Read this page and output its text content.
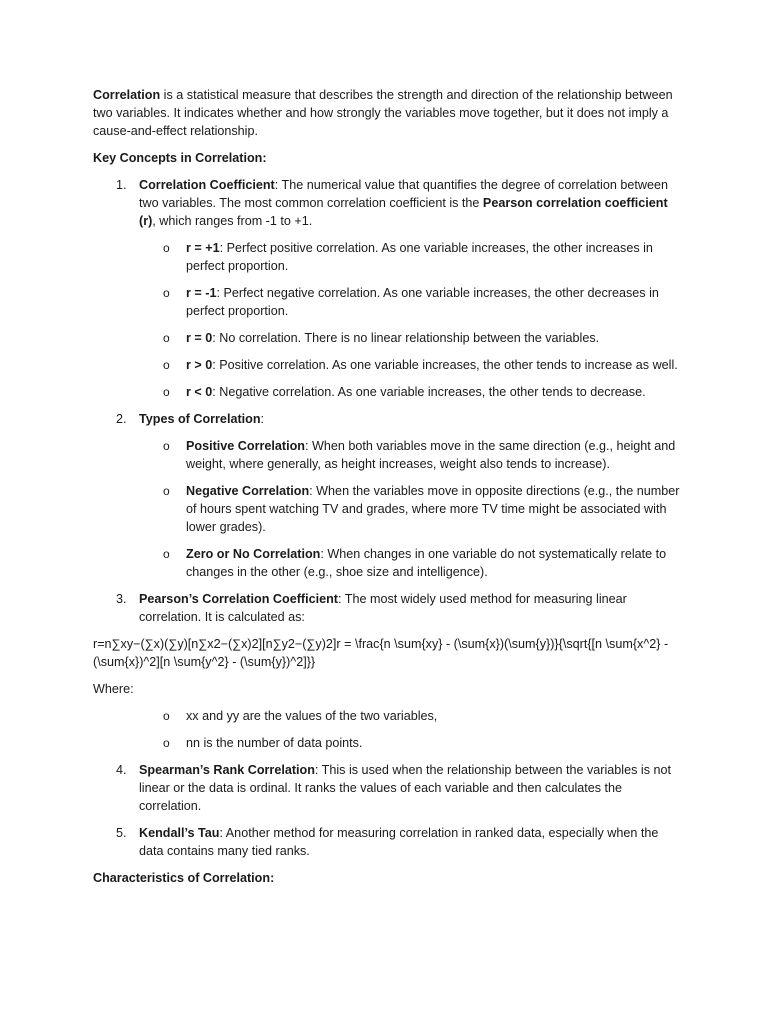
Correlation is a statistical measure that describes the strength and direction of the relationship between two variables. It indicates whether and how strongly the variables move together, but it does not imply a cause-and-effect relationship.

Key Concepts in Correlation:

1. Correlation Coefficient: The numerical value that quantifies the degree of correlation between two variables. The most common correlation coefficient is the Pearson correlation coefficient (r), which ranges from -1 to +1.

o r = +1: Perfect positive correlation. As one variable increases, the other increases in perfect proportion.
o r = -1: Perfect negative correlation. As one variable increases, the other decreases in perfect proportion.
o r = 0: No correlation. There is no linear relationship between the variables.
o r > 0: Positive correlation. As one variable increases, the other tends to increase as well.
o r < 0: Negative correlation. As one variable increases, the other tends to decrease.
2. Types of Correlation:

o Positive Correlation: When both variables move in the same direction (e.g., height and weight, where generally, as height increases, weight also tends to increase).
o Negative Correlation: When the variables move in opposite directions (e.g., the number of hours spent watching TV and grades, where more TV time might be associated with lower grades).
o Zero or No Correlation: When changes in one variable do not systematically relate to changes in the other (e.g., shoe size and intelligence).
3. Pearson’s Correlation Coefficient: The most widely used method for measuring linear correlation. It is calculated as:

r=n∑xy−(∑x)(∑y)[n∑x2−(∑x)2][n∑y2−(∑y)2]r = \frac{n \sum{xy} - (\sum{x})(\sum{y})}{\sqrt{[n \sum{x^2} - (\sum{x})^2][n \sum{y^2} - (\sum{y})^2]}}

Where:

o xx and yy are the values of the two variables,
o nn is the number of data points.
4. Spearman’s Rank Correlation: This is used when the relationship between the variables is not linear or the data is ordinal. It ranks the values of each variable and then calculates the correlation.

5. Kendall’s Tau: Another method for measuring correlation in ranked data, especially when the data contains many tied ranks.

Characteristics of Correlation:
